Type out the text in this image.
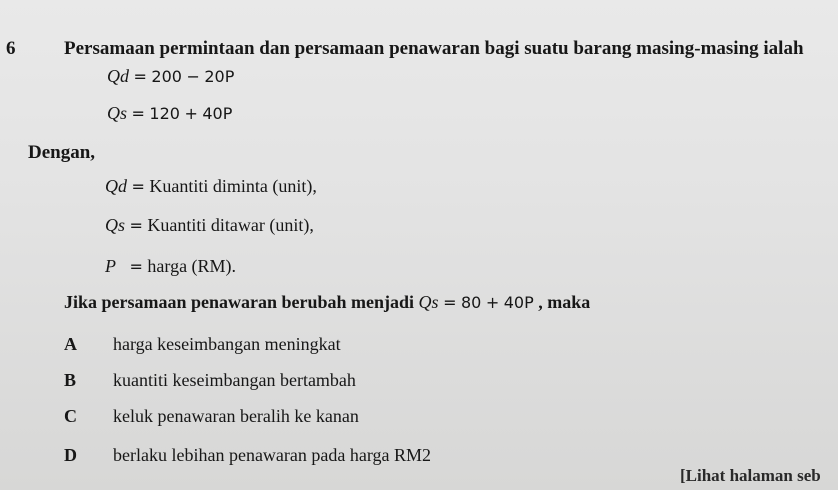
6	Persamaan permintaan dan persamaan penawaran bagi suatu barang masing-masing ialah
Qd = 200 − 20P
Qs = 120 + 40P
Dengan,
Qd = Kuantiti diminta (unit),
Qs = Kuantiti ditawar (unit),
P = harga (RM).
Jika persamaan penawaran berubah menjadi Qs = 80 + 40P , maka
A harga keseimbangan meningkat
B kuantiti keseimbangan bertambah
C keluk penawaran beralih ke kanan
D berlaku lebihan penawaran pada harga RM2
[Lihat halaman seb
